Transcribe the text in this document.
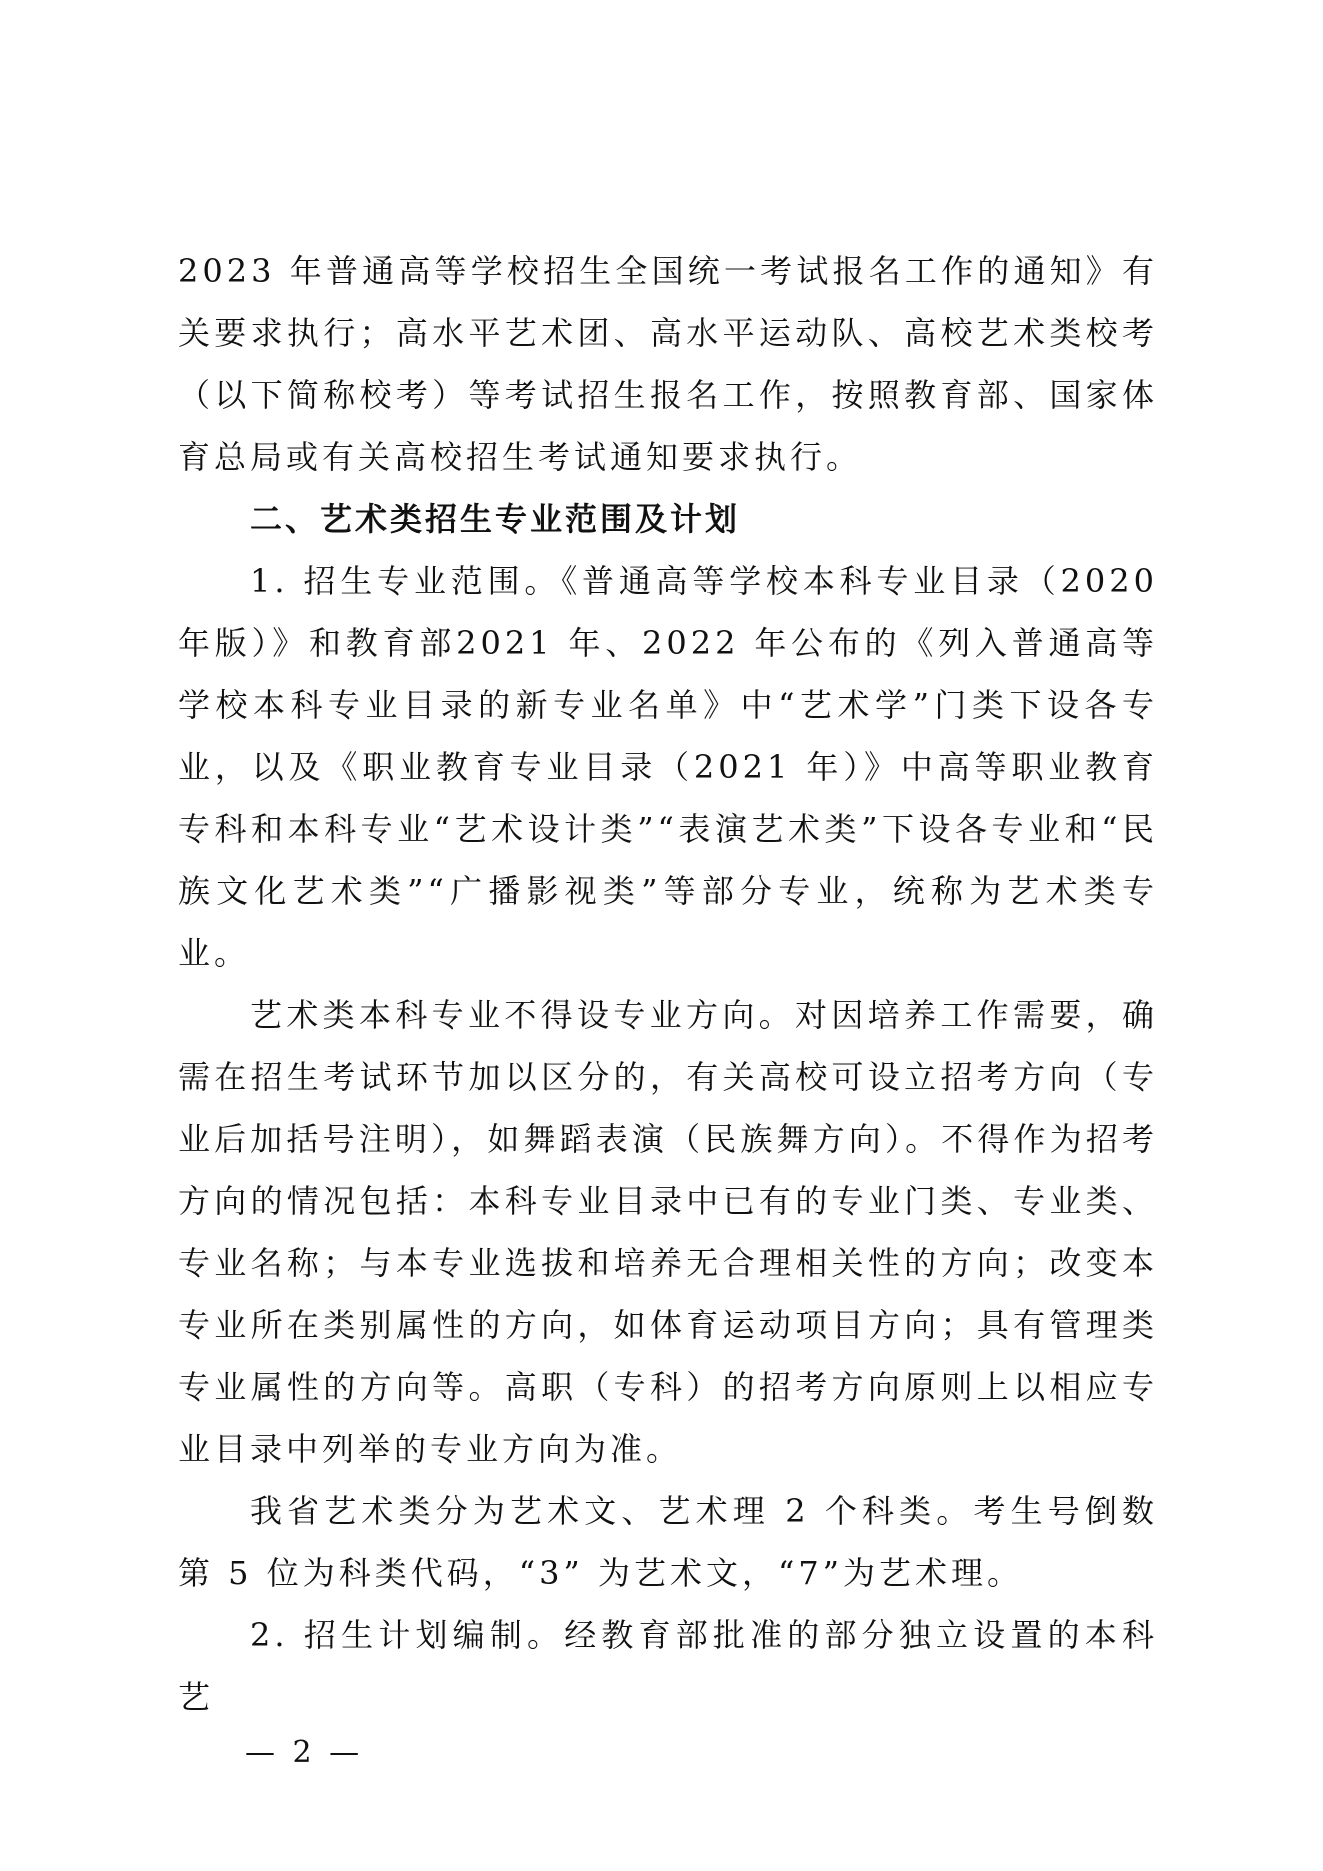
2023 年普通高等学校招生全国统一考试报名工作的通知》有关要求执行；高水平艺术团、高水平运动队、高校艺术类校考（以下简称校考）等考试招生报名工作，按照教育部、国家体育总局或有关高校招生考试通知要求执行。

二、艺术类招生专业范围及计划

1. 招生专业范围。《普通高等学校本科专业目录（2020 年版）》和教育部2021 年、2022 年公布的《列入普通高等学校本科专业目录的新专业名单》中“艺术学”门类下设各专业，以及《职业教育专业目录（2021 年）》中高等职业教育专科和本科专业“艺术设计类”“表演艺术类”下设各专业和“民族文化艺术类”“广播影视类”等部分专业，统称为艺术类专业。

艺术类本科专业不得设专业方向。对因培养工作需要，确需在招生考试环节加以区分的，有关高校可设立招考方向（专业后加括号注明），如舞蹈表演（民族舞方向）。不得作为招考方向的情况包括：本科专业目录中已有的专业门类、专业类、专业名称；与本专业选拔和培养无合理相关性的方向；改变本专业所在类别属性的方向，如体育运动项目方向；具有管理类专业属性的方向等。高职（专科）的招考方向原则上以相应专业目录中列举的专业方向为准。

我省艺术类分为艺术文、艺术理 2 个科类。考生号倒数第 5 位为科类代码，“3” 为艺术文，“7”为艺术理。

2. 招生计划编制。经教育部批准的部分独立设置的本科艺

— 2 —
